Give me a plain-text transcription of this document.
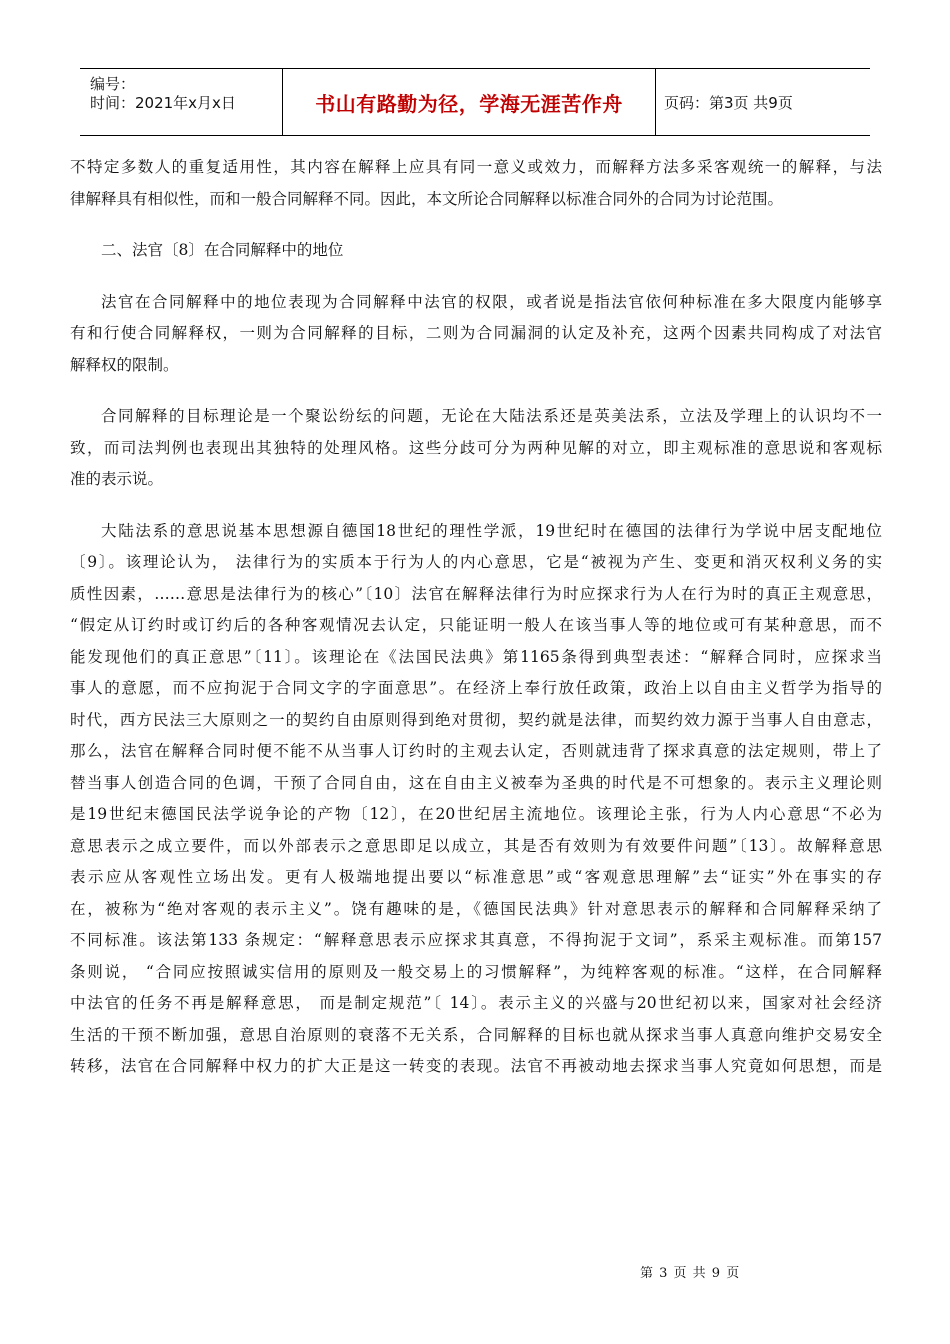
编号：
时间：2021年x月x日	书山有路勤为径，学海无涯苦作舟	页码：第3页 共9页
不特定多数人的重复适用性，其内容在解释上应具有同一意义或效力，而解释方法多采客观统一的解释，与法
律解释具有相似性，而和一般合同解释不同。因此，本文所论合同解释以标准合同外的合同为讨论范围。
二、法官〔8〕在合同解释中的地位
法官在合同解释中的地位表现为合同解释中法官的权限，或者说是指法官依何种标准在多大限度内能够享
有和行使合同解释权，一则为合同解释的目标，二则为合同漏洞的认定及补充，这两个因素共同构成了对法官
解释权的限制。
合同解释的目标理论是一个聚讼纷纭的问题，无论在大陆法系还是英美法系，立法及学理上的认识均不一
致，而司法判例也表现出其独特的处理风格。这些分歧可分为两种见解的对立，即主观标准的意思说和客观标
准的表示说。
大陆法系的意思说基本思想源自德国18世纪的理性学派，19世纪时在德国的法律行为学说中居支配地位
〔9〕。该理论认为， 法律行为的实质本于行为人的内心意思，它是“被视为产生、变更和消灭权利义务的实
质性因素，……意思是法律行为的核心”〔10〕法官在解释法律行为时应探求行为人在行为时的真正主观意思，
“假定从订约时或订约后的各种客观情况去认定，只能证明一般人在该当事人等的地位或可有某种意思，而不
能发现他们的真正意思”〔11〕。该理论在《法国民法典》第1165条得到典型表述：“解释合同时，应探求当
事人的意愿，而不应拘泥于合同文字的字面意思”。在经济上奉行放任政策，政治上以自由主义哲学为指导的
时代，西方民法三大原则之一的契约自由原则得到绝对贯彻，契约就是法律，而契约效力源于当事人自由意志，
那么，法官在解释合同时便不能不从当事人订约时的主观去认定，否则就违背了探求真意的法定规则，带上了
替当事人创造合同的色调，干预了合同自由，这在自由主义被奉为圣典的时代是不可想象的。表示主义理论则
是19世纪末德国民法学说争论的产物〔12〕，在20世纪居主流地位。该理论主张，行为人内心意思“不必为
意思表示之成立要件，而以外部表示之意思即足以成立，其是否有效则为有效要件问题”〔13〕。故解释意思
表示应从客观性立场出发。更有人极端地提出要以“标准意思”或“客观意思理解”去“证实”外在事实的存
在，被称为“绝对客观的表示主义”。饶有趣味的是，《德国民法典》针对意思表示的解释和合同解释采纳了
不同标准。该法第133 条规定：“解释意思表示应探求其真意，不得拘泥于文词”，系采主观标准。而第157
条则说， “合同应按照诚实信用的原则及一般交易上的习惯解释”，为纯粹客观的标准。“这样，在合同解释
中法官的任务不再是解释意思， 而是制定规范”〔 14〕。表示主义的兴盛与20世纪初以来，国家对社会经济
生活的干预不断加强，意思自治原则的衰落不无关系，合同解释的目标也就从探求当事人真意向维护交易安全
转移，法官在合同解释中权力的扩大正是这一转变的表现。法官不再被动地去探求当事人究竟如何思想，而是
第 3 页 共 9 页
